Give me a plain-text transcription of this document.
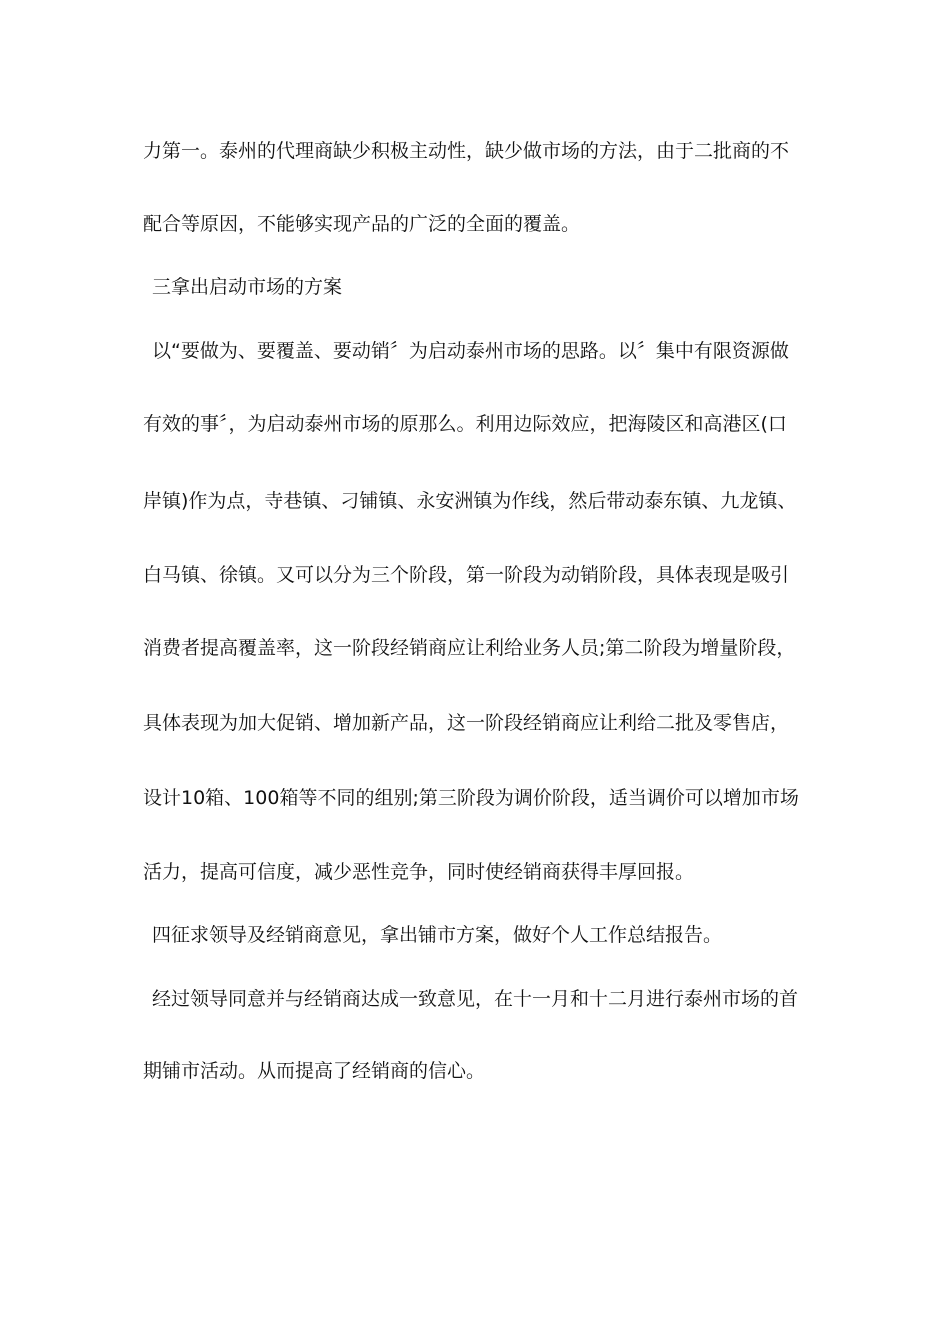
力第一。泰州的代理商缺少积极主动性，缺少做市场的方法，由于二批商的不
配合等原因，不能够实现产品的广泛的全面的覆盖。
三拿出启动市场的方案
以“要做为、要覆盖、要动销〞为启动泰州市场的思路。以〞集中有限资源做
有效的事〞，为启动泰州市场的原那么。利用边际效应，把海陵区和高港区(口
岸镇)作为点，寺巷镇、刁铺镇、永安洲镇为作线，然后带动泰东镇、九龙镇、
白马镇、徐镇。又可以分为三个阶段，第一阶段为动销阶段，具体表现是吸引
消费者提高覆盖率，这一阶段经销商应让利给业务人员;第二阶段为增量阶段，
具体表现为加大促销、增加新产品，这一阶段经销商应让利给二批及零售店，
设计10箱、100箱等不同的组别;第三阶段为调价阶段，适当调价可以增加市场
活力，提高可信度，减少恶性竞争，同时使经销商获得丰厚回报。
四征求领导及经销商意见，拿出铺市方案，做好个人工作总结报告。
经过领导同意并与经销商达成一致意见，在十一月和十二月进行泰州市场的首
期铺市活动。从而提高了经销商的信心。
